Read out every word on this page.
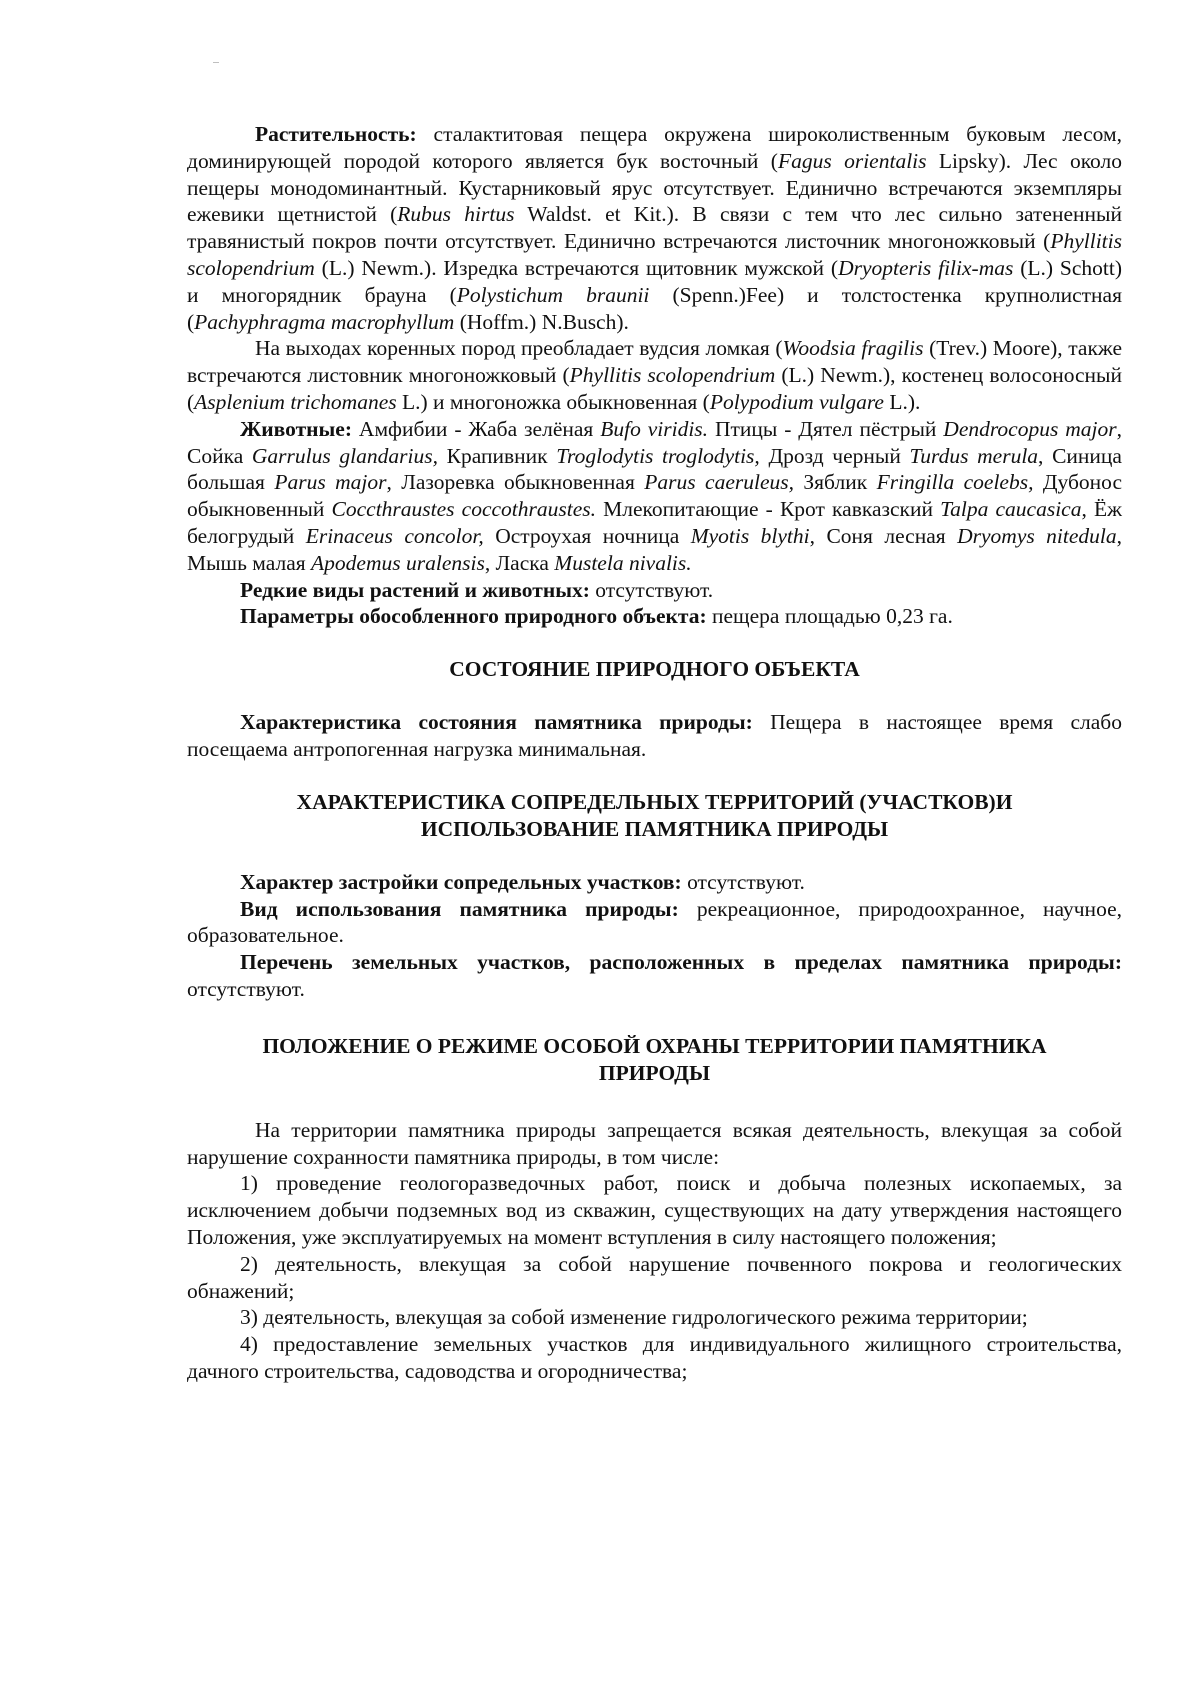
Растительность: сталактитовая пещера окружена широколиственным буковым лесом, доминирующей породой которого является бук восточный (Fagus orientalis Lipsky). Лес около пещеры монодоминантный. Кустарниковый ярус отсутствует. Единично встречаются экземпляры ежевики щетнистой (Rubus hirtus Waldst. et Kit.). В связи с тем что лес сильно затененный травянистый покров почти отсутствует. Единично встречаются листочник многоножковый (Phyllitis scolopendrium (L.) Newm.). Изредка встречаются щитовник мужской (Dryopteris filix-mas (L.) Schott) и многорядник брауна (Polystichum braunii (Spenn.)Fee) и толстостенка крупнолистная (Pachyphragma macrophyllum (Hoffm.) N.Busch).

На выходах коренных пород преобладает вудсия ломкая (Woodsia fragilis (Trev.) Moore), также встречаются листовник многоножковый (Phyllitis scolopendrium (L.) Newm.), костенец волосоносный (Asplenium trichomanes L.) и многоножка обыкновенная (Polypodium vulgare L.).

Животные: Амфибии - Жаба зелёная Bufo viridis. Птицы - Дятел пёстрый Dendrocopus major, Сойка Garrulus glandarius, Крапивник Troglodytis troglodytis, Дрозд черный Turdus merula, Синица большая Parus major, Лазоревка обыкновенная Parus caeruleus, Зяблик Fringilla coelebs, Дубонос обыкновенный Coccthraustes coccothraustes. Млекопитающие - Крот кавказский Talpa caucasica, Ёж белогрудый Erinaceus concolor, Остроухая ночница Myotis blythi, Соня лесная Dryomys nitedula, Мышь малая Apodemus uralensis, Ласка Mustela nivalis.

Редкие виды растений и животных: отсутствуют.

Параметры обособленного природного объекта: пещера площадью 0,23 га.

СОСТОЯНИЕ ПРИРОДНОГО ОБЪЕКТА

Характеристика состояния памятника природы: Пещера в настоящее время слабо посещаема антропогенная нагрузка минимальная.

ХАРАКТЕРИСТИКА СОПРЕДЕЛЬНЫХ ТЕРРИТОРИЙ (УЧАСТКОВ)И
ИСПОЛЬЗОВАНИЕ ПАМЯТНИКА ПРИРОДЫ

Характер застройки сопредельных участков: отсутствуют.

Вид использования памятника природы: рекреационное, природоохранное, научное, образовательное.

Перечень земельных участков, расположенных в пределах памятника природы: отсутствуют.

ПОЛОЖЕНИЕ О РЕЖИМЕ ОСОБОЙ ОХРАНЫ ТЕРРИТОРИИ ПАМЯТНИКА
ПРИРОДЫ

На территории памятника природы запрещается всякая деятельность, влекущая за собой нарушение сохранности памятника природы, в том числе:

1) проведение геологоразведочных работ, поиск и добыча полезных ископаемых, за исключением добычи подземных вод из скважин, существующих на дату утверждения настоящего Положения, уже эксплуатируемых на момент вступления в силу настоящего положения;

2) деятельность, влекущая за собой нарушение почвенного покрова и геологических обнажений;

3) деятельность, влекущая за собой изменение гидрологического режима территории;

4) предоставление земельных участков для индивидуального жилищного строительства, дачного строительства, садоводства и огородничества;
